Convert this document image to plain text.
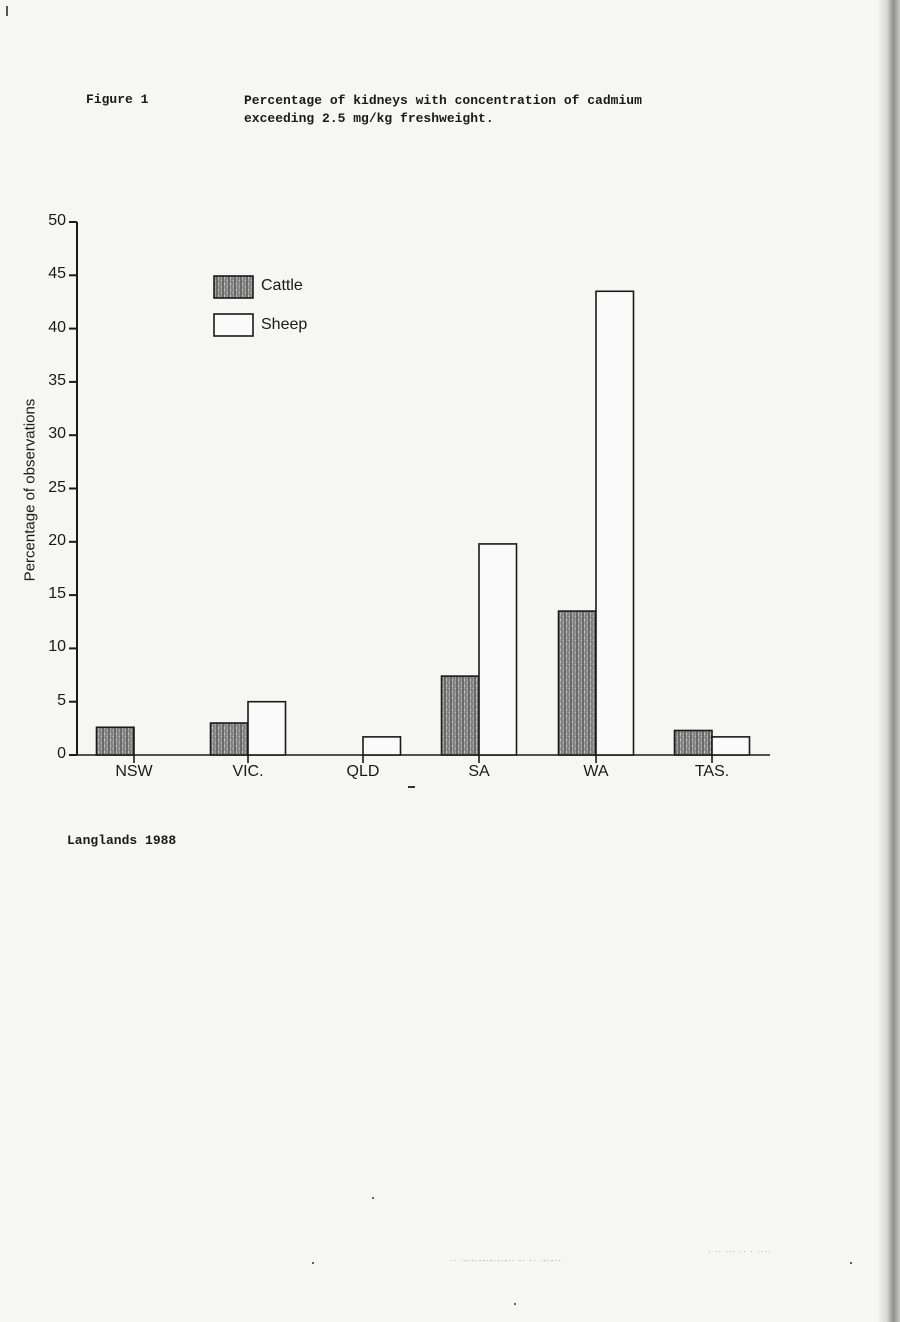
Figure 1	Percentage of kidneys with concentration of cadmium
exceeding 2.5 mg/kg freshweight.
Percentage of observations
0
5
10
15
20
25
30
35
40
45
50
NSW	VIC.	QLD	SA	WA	TAS.
Cattle
Sheep
Langlands 1988
·· ·-·-·--·-·-·-·· -· ·· ·-·-·-
· ·· ··· ·· · ····
